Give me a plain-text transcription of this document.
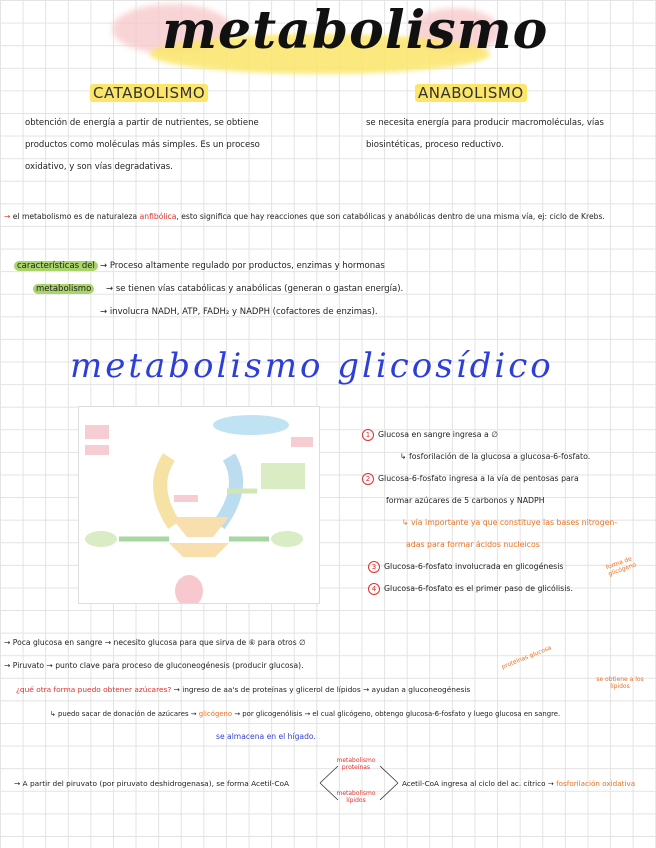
metabolismo
CATABOLISMO
obtención de energía a partir de nutrientes, se obtiene
productos como moléculas más simples. Es un proceso
oxidativo, y son vías degradativas.
ANABOLISMO
se necesita energía para producir macromoléculas, vías
biosintéticas, proceso reductivo.
→ el metabolismo es de naturaleza anfibólica, esto significa que hay reacciones que son catabólicas y anabólicas dentro de una misma vía, ej: ciclo de Krebs.
características del
metabolismo
→ Proceso altamente regulado por productos, enzimas y hormonas
→ se tienen vías catabólicas y anabólicas (generan o gastan energía).
→ involucra NADH, ATP, FADH₂ y NADPH (cofactores de enzimas).
metabolismo glicosídico
1 Glucosa en sangre ingresa a ∅
↳ fosforilación de la glucosa a glucosa-6-fosfato.
2 Glucosa-6-fosfato ingresa a la vía de pentosas para
formar azúcares de 5 carbonos y NADPH
↳ vía importante ya que constituye las bases nitrogen-
adas para formar ácidos nucleicos
3 Glucosa-6-fosfato involucrada en glicogénesis
4 Glucosa-6-fosfato es el primer paso de glicólisis.
forma de glicógeno
→ Poca glucosa en sangre → necesito glucosa para que sirva de ⑥ para otros ∅
→ Piruvato → punto clave para proceso de gluconeogénesis (producir glucosa).
¿qué otra forma puedo obtener azúcares? → ingreso de aa's de proteínas y glicerol de lípidos → ayudan a gluconeogénesis
↳ puedo sacar de donación de azúcares → glicógeno → por glicogenólisis → el cual glicógeno, obtengo glucosa-6-fosfato y luego glucosa en sangre.
se almacena en el hígado.
proteínas glucosa
se obtiene a los lípidos
→ A partir del piruvato (por piruvato deshidrogenasa), se forma Acetil-CoA
metabolismo proteínas
metabolismo lípidos
Acetil-CoA ingresa al ciclo del ac. cítrico → fosforilación oxidativa
